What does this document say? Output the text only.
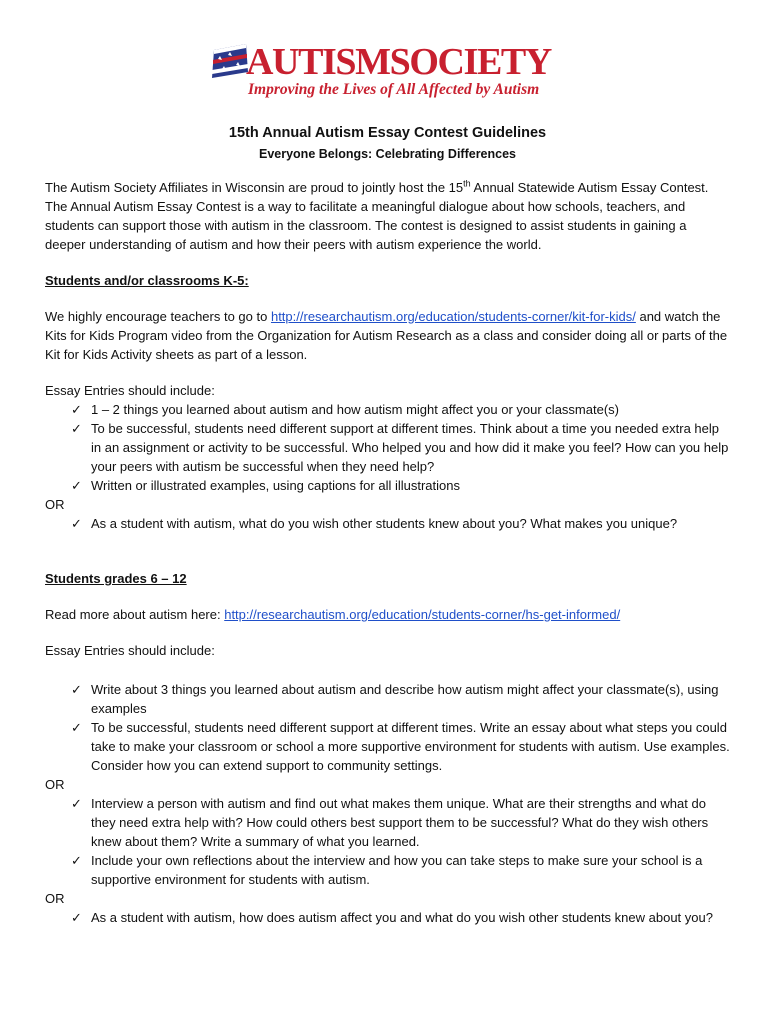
AUTISMSOCIETY
Improving the Lives of All Affected by Autism
15th Annual Autism Essay Contest Guidelines
Everyone Belongs: Celebrating Differences

The Autism Society Affiliates in Wisconsin are proud to jointly host the 15th Annual Statewide Autism Essay Contest. The Annual Autism Essay Contest is a way to facilitate a meaningful dialogue about how schools, teachers, and students can support those with autism in the classroom. The contest is designed to assist students in gaining a deeper understanding of autism and how their peers with autism experience the world.

Students and/or classrooms K-5:

We highly encourage teachers to go to http://researchautism.org/education/students-corner/kit-for-kids/ and watch the Kits for Kids Program video from the Organization for Autism Research as a class and consider doing all or parts of the Kit for Kids Activity sheets as part of a lesson.

Essay Entries should include:

✓ 1 – 2 things you learned about autism and how autism might affect you or your classmate(s)
✓ To be successful, students need different support at different times. Think about a time you needed extra help in an assignment or activity to be successful. Who helped you and how did it make you feel? How can you help your peers with autism be successful when they need help?
✓ Written or illustrated examples, using captions for all illustrations

OR

✓ As a student with autism, what do you wish other students knew about you? What makes you unique?

Students grades 6 – 12

Read more about autism here: http://researchautism.org/education/students-corner/hs-get-informed/

Essay Entries should include:

✓ Write about 3 things you learned about autism and describe how autism might affect your classmate(s), using examples
✓ To be successful, students need different support at different times. Write an essay about what steps you could take to make your classroom or school a more supportive environment for students with autism. Use examples. Consider how you can extend support to community settings.

OR

✓ Interview a person with autism and find out what makes them unique. What are their strengths and what do they need extra help with? How could others best support them to be successful? What do they wish others knew about them? Write a summary of what you learned.
✓ Include your own reflections about the interview and how you can take steps to make sure your school is a supportive environment for students with autism.

OR

✓ As a student with autism, how does autism affect you and what do you wish other students knew about you?
